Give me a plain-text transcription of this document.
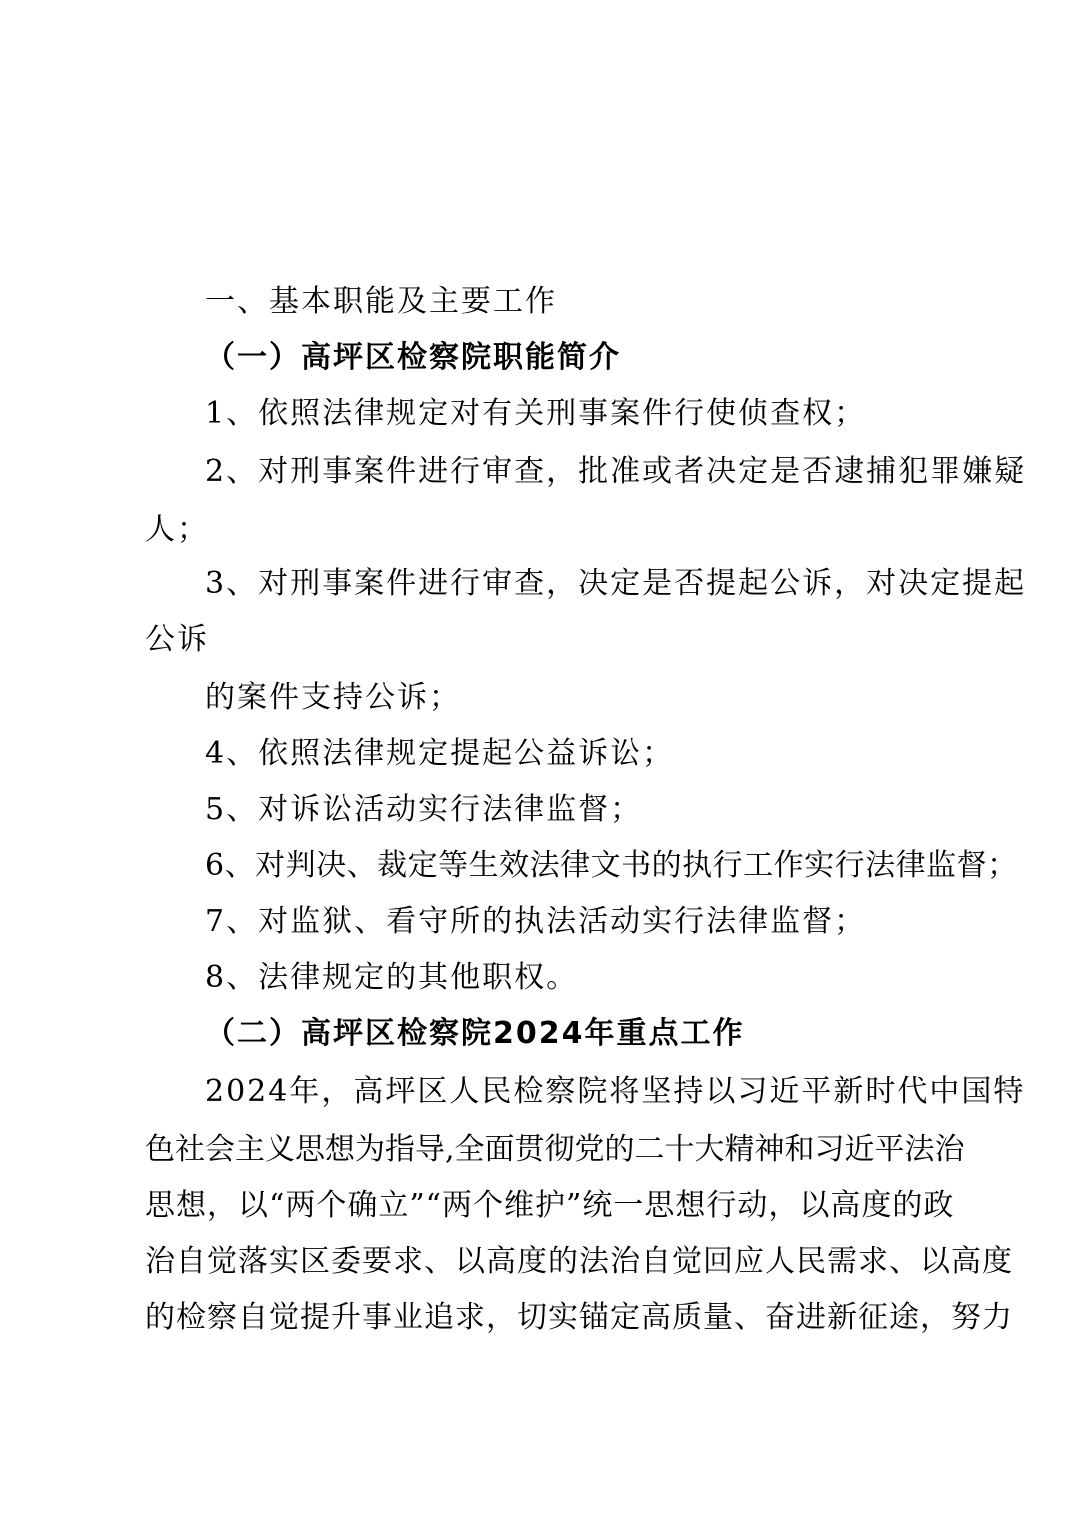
一、基本职能及主要工作
（一）高坪区检察院职能简介
1、依照法律规定对有关刑事案件行使侦查权；
2、对刑事案件进行审查，批准或者决定是否逮捕犯罪嫌疑
人；
3、对刑事案件进行审查，决定是否提起公诉，对决定提起
公诉
的案件支持公诉；
4、依照法律规定提起公益诉讼；
5、对诉讼活动实行法律监督；
6、对判决、裁定等生效法律文书的执行工作实行法律监督；
7、对监狱、看守所的执法活动实行法律监督；
8、法律规定的其他职权。
（二）高坪区检察院2024年重点工作
2024年，高坪区人民检察院将坚持以习近平新时代中国特
色社会主义思想为指导,全面贯彻党的二十大精神和习近平法治
思想，以“两个确立”“两个维护”统一思想行动，以高度的政
治自觉落实区委要求、以高度的法治自觉回应人民需求、以高度
的检察自觉提升事业追求，切实锚定高质量、奋进新征途，努力
